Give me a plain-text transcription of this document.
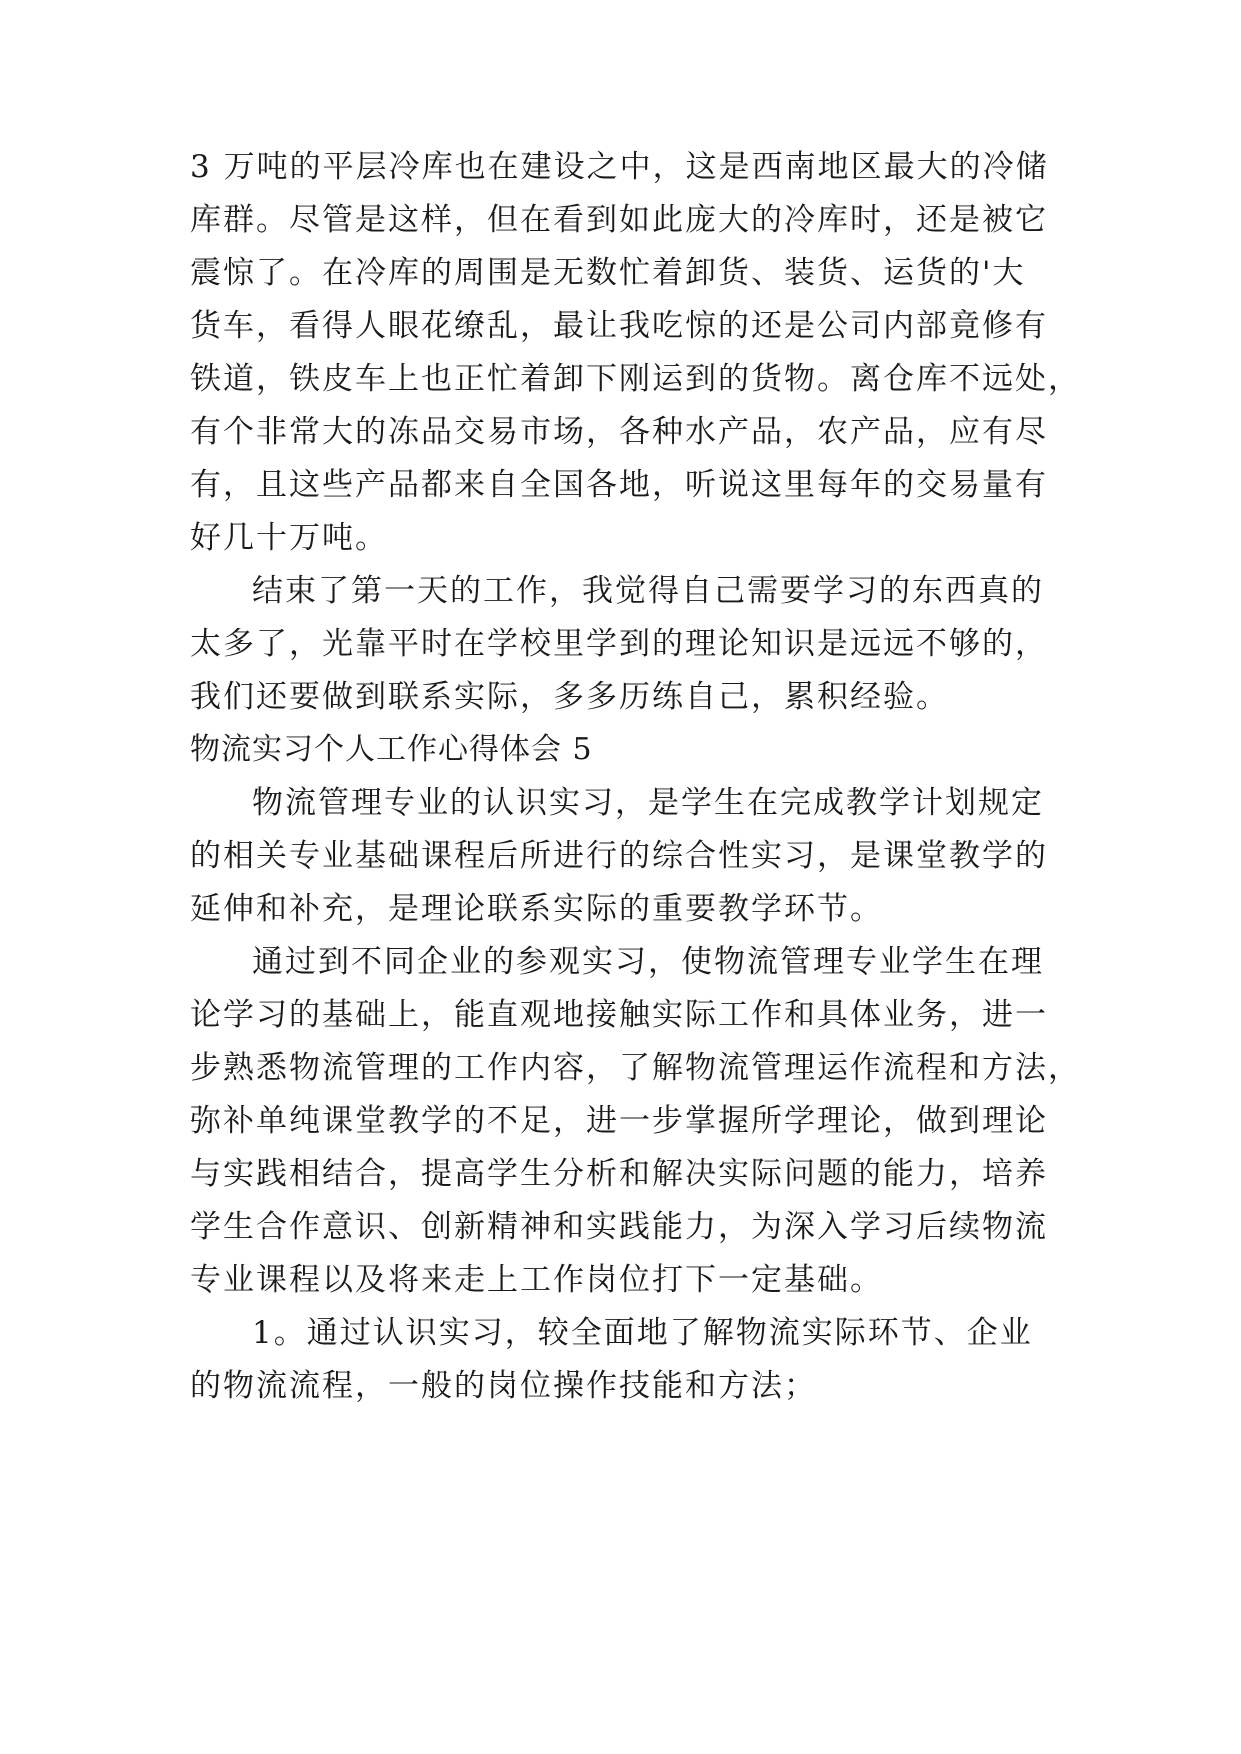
3 万吨的平层冷库也在建设之中，这是西南地区最大的冷储
库群。尽管是这样，但在看到如此庞大的冷库时，还是被它
震惊了。在冷库的周围是无数忙着卸货、装货、运货的'大
货车，看得人眼花缭乱，最让我吃惊的还是公司内部竟修有
铁道，铁皮车上也正忙着卸下刚运到的货物。离仓库不远处，
有个非常大的冻品交易市场，各种水产品，农产品，应有尽
有，且这些产品都来自全国各地，听说这里每年的交易量有
好几十万吨。
结束了第一天的工作，我觉得自己需要学习的东西真的
太多了，光靠平时在学校里学到的理论知识是远远不够的，
我们还要做到联系实际，多多历练自己，累积经验。
物流实习个人工作心得体会 5
物流管理专业的认识实习，是学生在完成教学计划规定
的相关专业基础课程后所进行的综合性实习，是课堂教学的
延伸和补充，是理论联系实际的重要教学环节。
通过到不同企业的参观实习，使物流管理专业学生在理
论学习的基础上，能直观地接触实际工作和具体业务，进一
步熟悉物流管理的工作内容，了解物流管理运作流程和方法，
弥补单纯课堂教学的不足，进一步掌握所学理论，做到理论
与实践相结合，提高学生分析和解决实际问题的能力，培养
学生合作意识、创新精神和实践能力，为深入学习后续物流
专业课程以及将来走上工作岗位打下一定基础。
1。通过认识实习，较全面地了解物流实际环节、企业
的物流流程，一般的岗位操作技能和方法；
